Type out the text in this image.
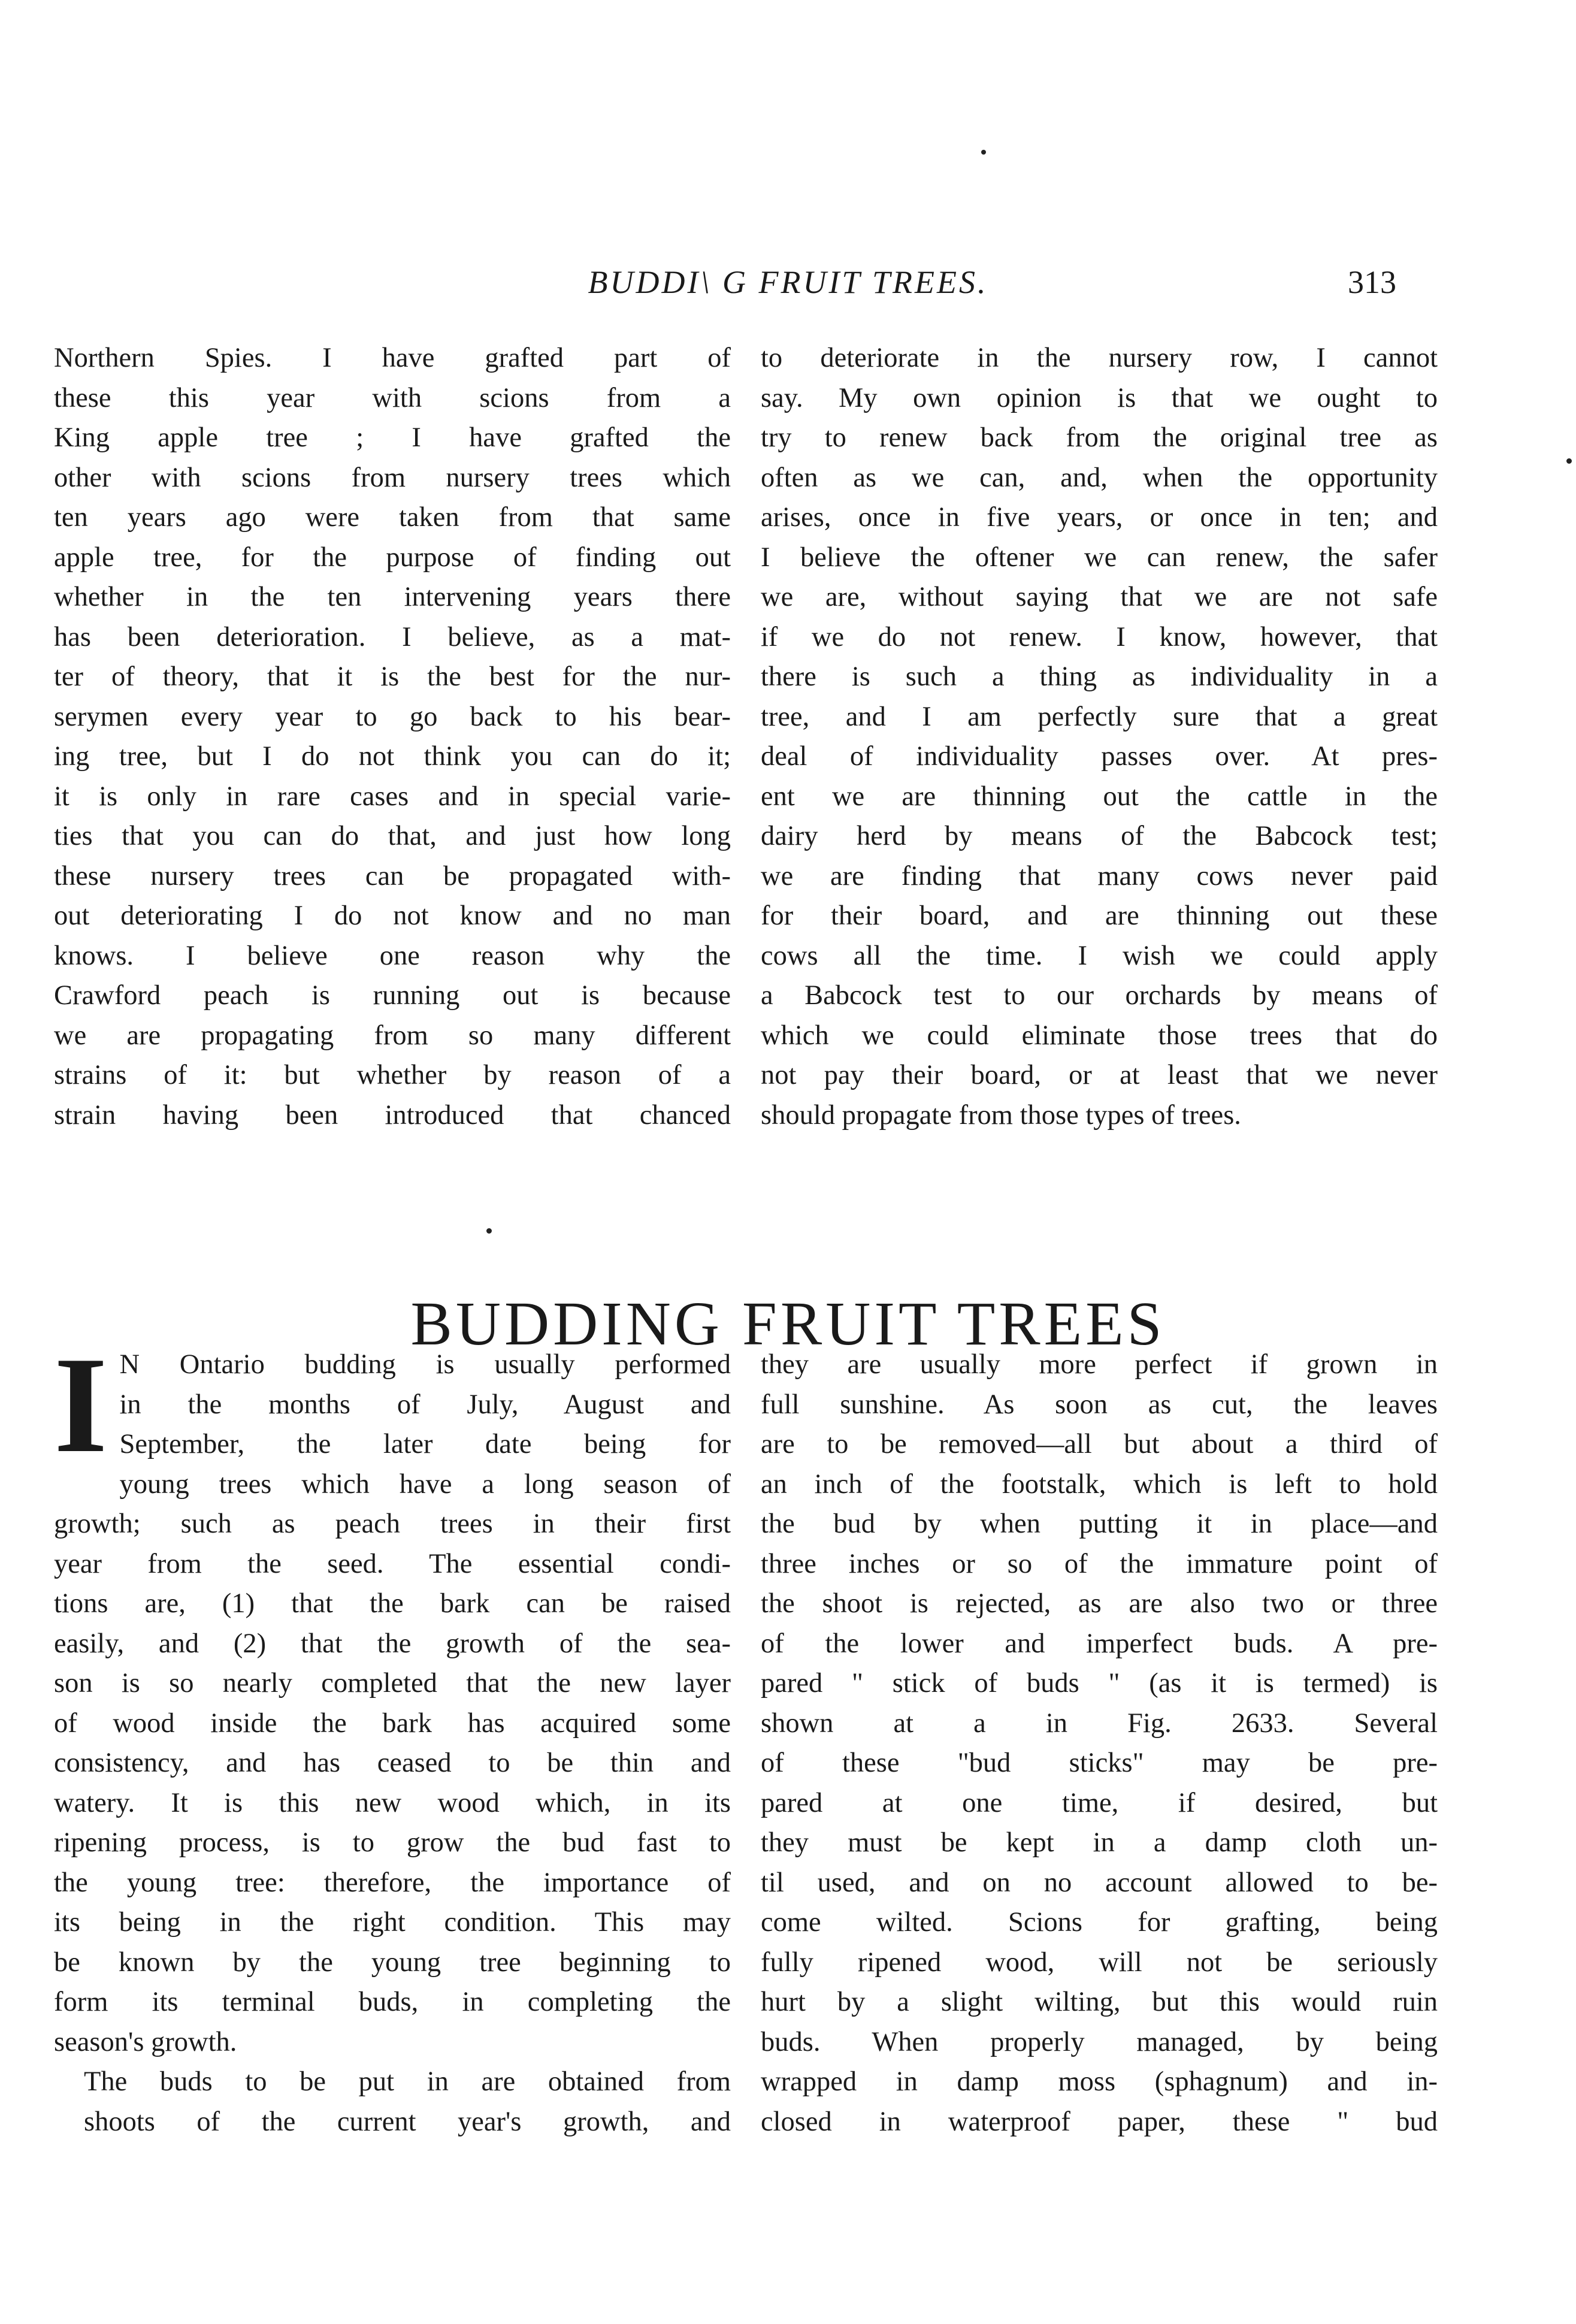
BUDDI\ G FRUIT TREES.	313

Northern Spies. I have grafted part of
these this year with scions from a
King apple tree ; I have grafted the
other with scions from nursery trees which
ten years ago were taken from that same
apple tree, for the purpose of finding out
whether in the ten intervening years there
has been deterioration. I believe, as a mat-
ter of theory, that it is the best for the nur-
serymen every year to go back to his bear-
ing tree, but I do not think you can do it;
it is only in rare cases and in special varie-
ties that you can do that, and just how long
these nursery trees can be propagated with-
out deteriorating I do not know and no man
knows. I believe one reason why the
Crawford peach is running out is because
we are propagating from so many different
strains of it: but whether by reason of a
strain having been introduced that chanced

to deteriorate in the nursery row, I cannot
say. My own opinion is that we ought to
try to renew back from the original tree as
often as we can, and, when the opportunity
arises, once in five years, or once in ten; and
I believe the oftener we can renew, the safer
we are, without saying that we are not safe
if we do not renew. I know, however, that
there is such a thing as individuality in a
tree, and I am perfectly sure that a great
deal of individuality passes over. At pres-
ent we are thinning out the cattle in the
dairy herd by means of the Babcock test;
we are finding that many cows never paid
for their board, and are thinning out these
cows all the time. I wish we could apply
a Babcock test to our orchards by means of
which we could eliminate those trees that do
not pay their board, or at least that we never
should propagate from those types of trees.

BUDDING FRUIT TREES

I N Ontario budding is usually performed
in the months of July, August and
September, the later date being for
young trees which have a long season of
growth; such as peach trees in their first
year from the seed. The essential condi-
tions are, (1) that the bark can be raised
easily, and (2) that the growth of the sea-
son is so nearly completed that the new layer
of wood inside the bark has acquired some
consistency, and has ceased to be thin and
watery. It is this new wood which, in its
ripening process, is to grow the bud fast to
the young tree: therefore, the importance of
its being in the right condition. This may
be known by the young tree beginning to
form its terminal buds, in completing the
season's growth.

The buds to be put in are obtained from
shoots of the current year's growth, and

they are usually more perfect if grown in
full sunshine. As soon as cut, the leaves
are to be removed—all but about a third of
an inch of the footstalk, which is left to hold
the bud by when putting it in place—and
three inches or so of the immature point of
the shoot is rejected, as are also two or three
of the lower and imperfect buds. A pre-
pared " stick of buds " (as it is termed) is
shown at a in Fig. 2633. Several
of these "bud sticks" may be pre-
pared at one time, if desired, but
they must be kept in a damp cloth un-
til used, and on no account allowed to be-
come wilted. Scions for grafting, being
fully ripened wood, will not be seriously
hurt by a slight wilting, but this would ruin
buds. When properly managed, by being
wrapped in damp moss (sphagnum) and in-
closed in waterproof paper, these " bud
